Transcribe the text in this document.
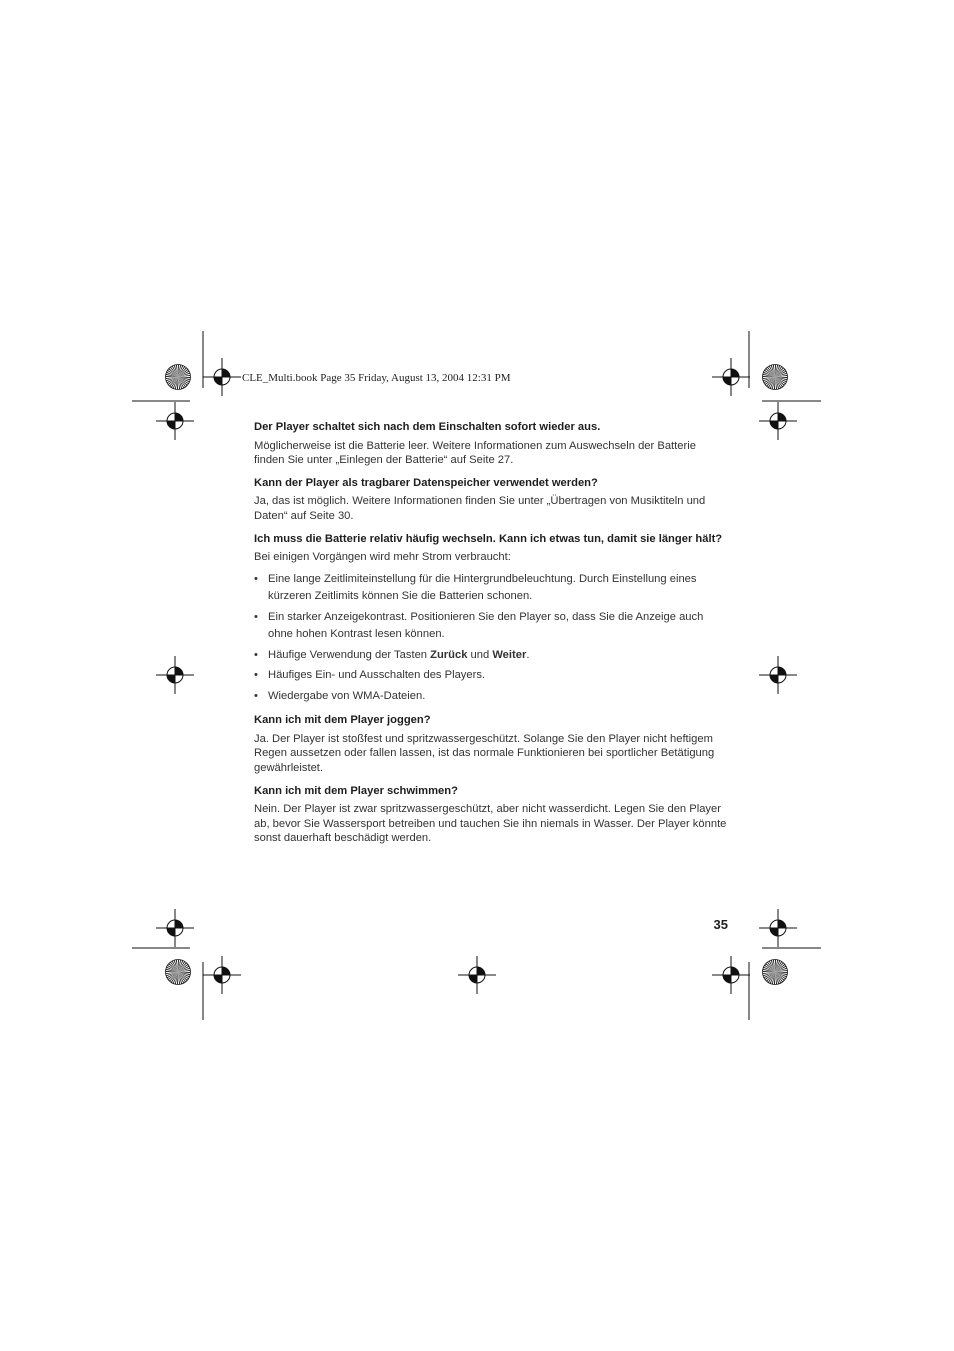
CLE_Multi.book Page 35 Friday, August 13, 2004 12:31 PM

Der Player schaltet sich nach dem Einschalten sofort wieder aus.

Möglicherweise ist die Batterie leer. Weitere Informationen zum Auswechseln der Batterie finden Sie unter „Einlegen der Batterie“ auf Seite 27.

Kann der Player als tragbarer Datenspeicher verwendet werden?

Ja, das ist möglich. Weitere Informationen finden Sie unter „Übertragen von Musiktiteln und Daten“ auf Seite 30.

Ich muss die Batterie relativ häufig wechseln. Kann ich etwas tun, damit sie länger hält?

Bei einigen Vorgängen wird mehr Strom verbraucht:

• Eine lange Zeitlimiteinstellung für die Hintergrundbeleuchtung. Durch Einstellung eines kürzeren Zeitlimits können Sie die Batterien schonen.
• Ein starker Anzeigekontrast. Positionieren Sie den Player so, dass Sie die Anzeige auch ohne hohen Kontrast lesen können.
• Häufige Verwendung der Tasten Zurück und Weiter.
• Häufiges Ein- und Ausschalten des Players.
• Wiedergabe von WMA-Dateien.

Kann ich mit dem Player joggen?

Ja. Der Player ist stoßfest und spritzwassergeschützt. Solange Sie den Player nicht heftigem Regen aussetzen oder fallen lassen, ist das normale Funktionieren bei sportlicher Betätigung gewährleistet.

Kann ich mit dem Player schwimmen?

Nein. Der Player ist zwar spritzwassergeschützt, aber nicht wasserdicht. Legen Sie den Player ab, bevor Sie Wassersport betreiben und tauchen Sie ihn niemals in Wasser. Der Player könnte sonst dauerhaft beschädigt werden.

35
